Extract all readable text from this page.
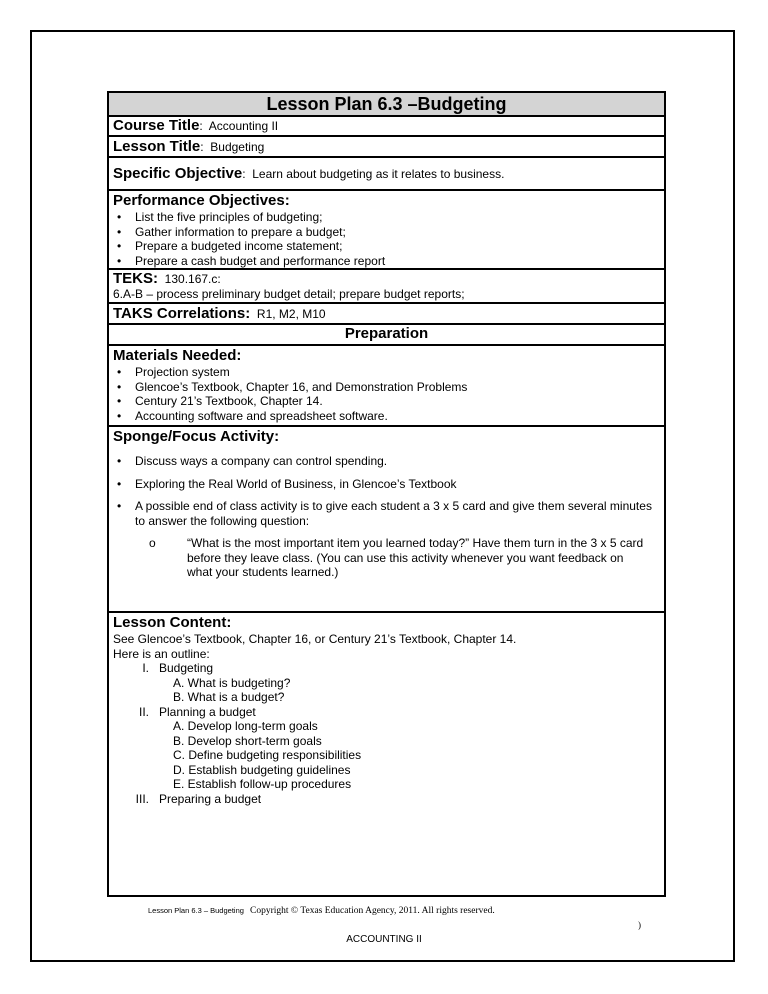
Lesson Plan 6.3 –Budgeting
Course Title:  Accounting II
Lesson Title:  Budgeting
Specific Objective:  Learn about budgeting as it relates to business.
Performance Objectives:
• List the five principles of budgeting;
• Gather information to prepare a budget;
• Prepare a budgeted income statement;
• Prepare a cash budget and performance report
TEKS: 130.167.c:
6.A-B – process preliminary budget detail; prepare budget reports;
TAKS Correlations: R1, M2, M10
Preparation
Materials Needed:
• Projection system
• Glencoe’s Textbook, Chapter 16, and Demonstration Problems
• Century 21’s Textbook, Chapter 14.
• Accounting software and spreadsheet software.
Sponge/Focus Activity:
• Discuss ways a company can control spending.
• Exploring the Real World of Business, in Glencoe’s Textbook
• A possible end of class activity is to give each student a 3 x 5 card and give them several minutes to answer the following question:
o “What is the most important item you learned today?” Have them turn in the 3 x 5 card before they leave class. (You can use this activity whenever you want feedback on what your students learned.)
Lesson Content:
See Glencoe’s Textbook, Chapter 16, or Century 21’s Textbook, Chapter 14.
Here is an outline:
I. Budgeting
A. What is budgeting?
B. What is a budget?
II. Planning a budget
A. Develop long-term goals
B. Develop short-term goals
C. Define budgeting responsibilities
D. Establish budgeting guidelines
E. Establish follow-up procedures
III. Preparing a budget
Lesson Plan 6.3 – Budgeting Copyright © Texas Education Agency, 2011. All rights reserved.
)
ACCOUNTING II
